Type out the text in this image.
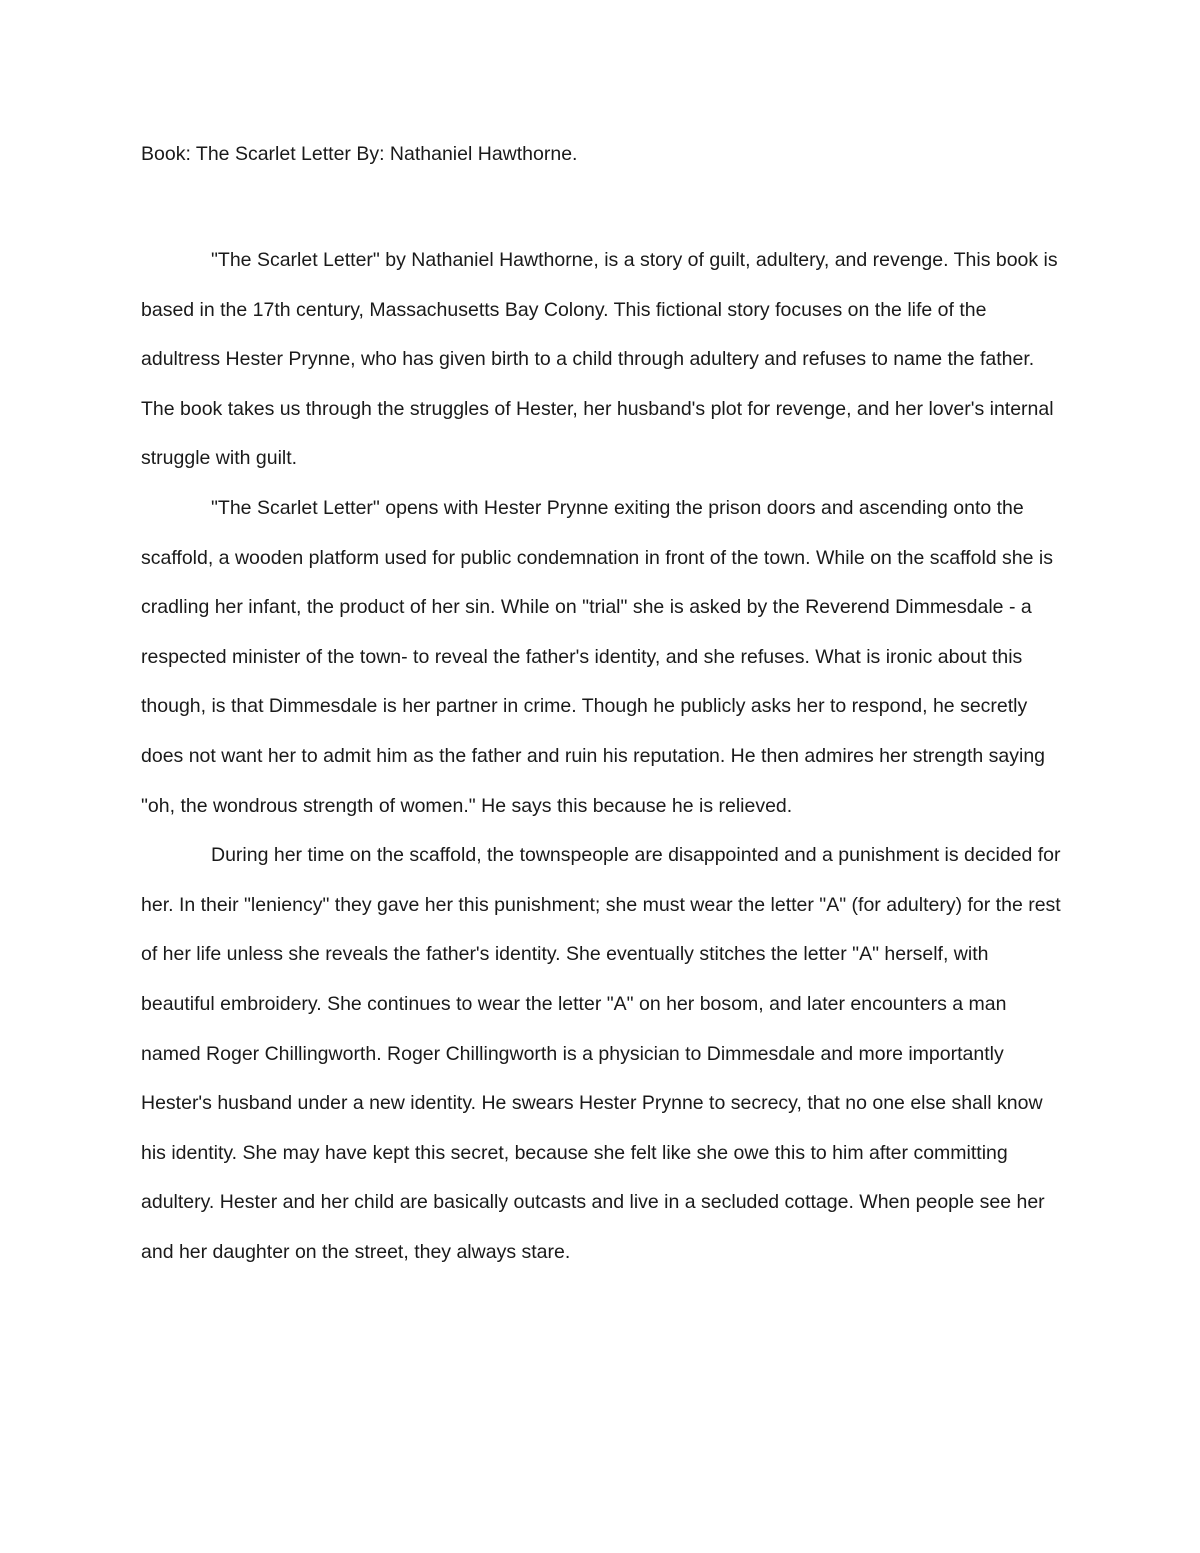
Book: The Scarlet Letter By: Nathaniel Hawthorne.

"The Scarlet Letter" by Nathaniel Hawthorne, is a story of guilt, adultery, and revenge. This book is based in the 17th century, Massachusetts Bay Colony. This fictional story focuses on the life of the adultress Hester Prynne, who has given birth to a child through adultery and refuses to name the father. The book takes us through the struggles of Hester, her husband's plot for revenge, and her lover's internal struggle with guilt.

"The Scarlet Letter" opens with Hester Prynne exiting the prison doors and ascending onto the scaffold, a wooden platform used for public condemnation in front of the town. While on the scaffold she is cradling her infant, the product of her sin. While on "trial" she is asked by the Reverend Dimmesdale - a respected minister of the town- to reveal the father's identity, and she refuses. What is ironic about this though, is that Dimmesdale is her partner in crime. Though he publicly asks her to respond, he secretly does not want her to admit him as the father and ruin his reputation. He then admires her strength saying "oh, the wondrous strength of women." He says this because he is relieved.

During her time on the scaffold, the townspeople are disappointed and a punishment is decided for her. In their "leniency" they gave her this punishment; she must wear the letter "A" (for adultery) for the rest of her life unless she reveals the father's identity. She eventually stitches the letter "A" herself, with beautiful embroidery. She continues to wear the letter "A" on her bosom, and later encounters a man named Roger Chillingworth. Roger Chillingworth is a physician to Dimmesdale and more importantly Hester's husband under a new identity. He swears Hester Prynne to secrecy, that no one else shall know his identity. She may have kept this secret, because she felt like she owe this to him after committing adultery. Hester and her child are basically outcasts and live in a secluded cottage. When people see her and her daughter on the street, they always stare.
